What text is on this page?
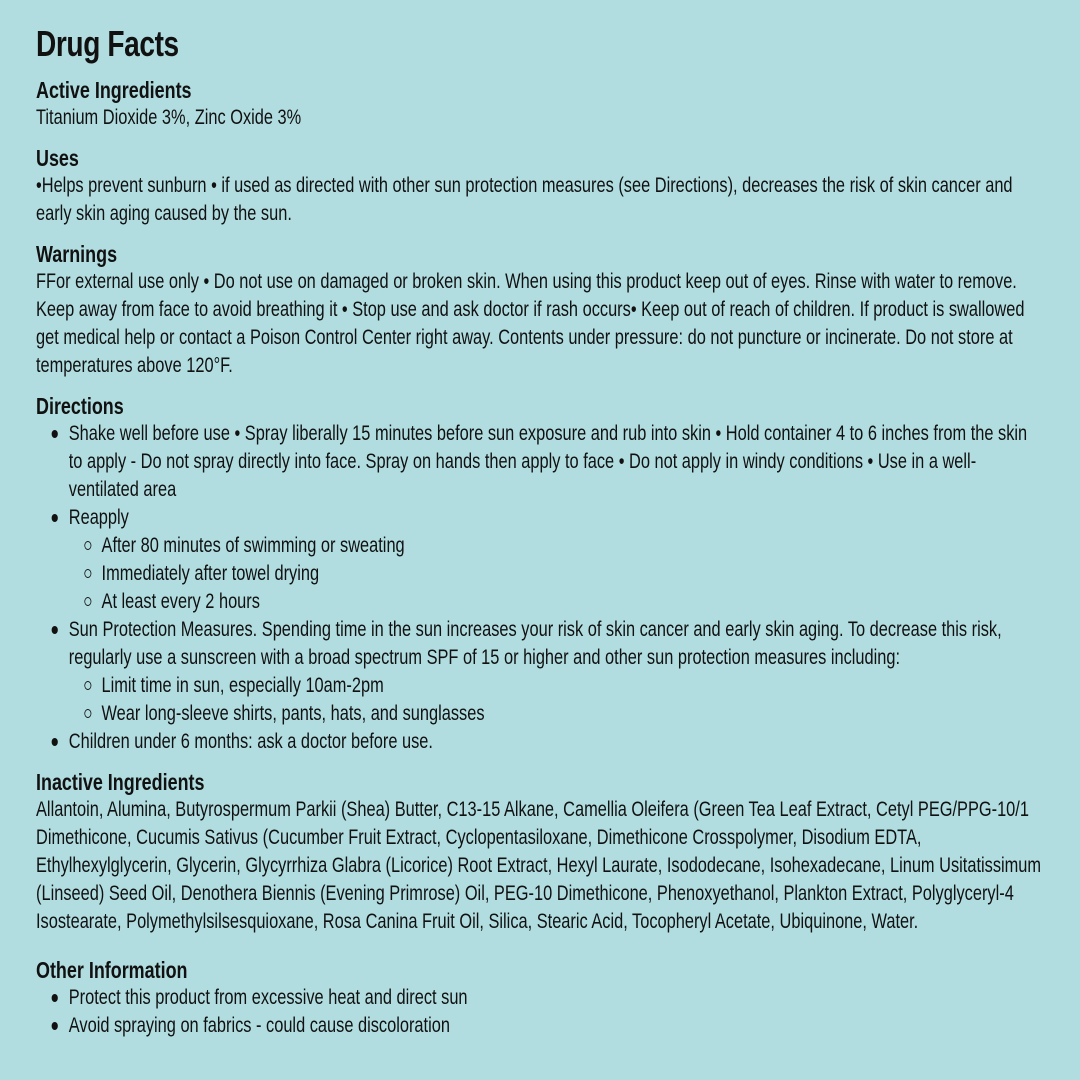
Drug Facts
Active Ingredients
Titanium Dioxide 3%, Zinc Oxide 3%
Uses
•Helps prevent sunburn • if used as directed with other sun protection measures (see Directions), decreases the risk of skin cancer and early skin aging caused by the sun.
Warnings
FFor external use only • Do not use on damaged or broken skin. When using this product keep out of eyes. Rinse with water to remove. Keep away from face to avoid breathing it • Stop use and ask doctor if rash occurs• Keep out of reach of children. If product is swallowed get medical help or contact a Poison Control Center right away. Contents under pressure: do not puncture or incinerate. Do not store at temperatures above 120°F.
Directions
Shake well before use • Spray liberally 15 minutes before sun exposure and rub into skin • Hold container 4 to 6 inches from the skin to apply - Do not spray directly into face. Spray on hands then apply to face • Do not apply in windy conditions • Use in a well-ventilated area
Reapply
After 80 minutes of swimming or sweating
Immediately after towel drying
At least every 2 hours
Sun Protection Measures. Spending time in the sun increases your risk of skin cancer and early skin aging. To decrease this risk, regularly use a sunscreen with a broad spectrum SPF of 15 or higher and other sun protection measures including:
Limit time in sun, especially 10am-2pm
Wear long-sleeve shirts, pants, hats, and sunglasses
Children under 6 months: ask a doctor before use.
Inactive Ingredients
Allantoin, Alumina, Butyrospermum Parkii (Shea) Butter, C13-15 Alkane, Camellia Oleifera (Green Tea Leaf Extract, Cetyl PEG/PPG-10/1 Dimethicone, Cucumis Sativus (Cucumber Fruit Extract, Cyclopentasiloxane, Dimethicone Crosspolymer, Disodium EDTA, Ethylhexylglycerin, Glycerin, Glycyrrhiza Glabra (Licorice) Root Extract, Hexyl Laurate, Isododecane, Isohexadecane, Linum Usitatissimum (Linseed) Seed Oil, Denothera Biennis (Evening Primrose) Oil, PEG-10 Dimethicone, Phenoxyethanol, Plankton Extract, Polyglyceryl-4 Isostearate, Polymethylsilsesquioxane, Rosa Canina Fruit Oil, Silica, Stearic Acid, Tocopheryl Acetate, Ubiquinone, Water.
Other Information
Protect this product from excessive heat and direct sun
Avoid spraying on fabrics - could cause discoloration
